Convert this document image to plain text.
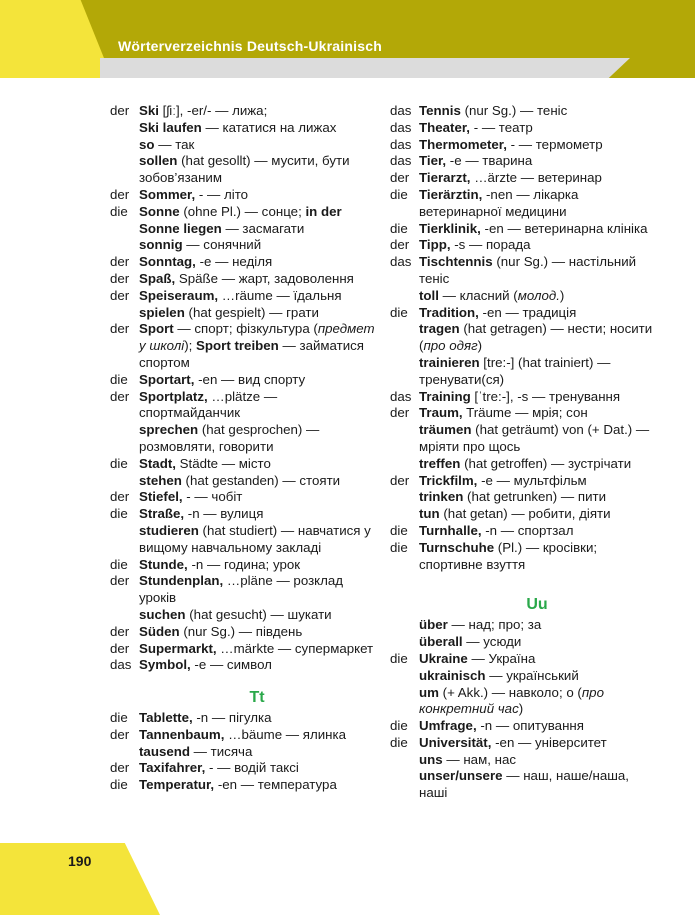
Wörterverzeichnis Deutsch-Ukrainisch
der Ski [ʃiː], -er/- — лижа;
Ski laufen — кататися на лижах
so — так
sollen (hat gesollt) — мусити, бути зобов’язаним
der Sommer, - — літо
die Sonne (ohne Pl.) — сонце; in der Sonne liegen — засмагати
sonnig — сонячний
der Sonntag, -e — неділя
der Spaß, Späße — жарт, задоволення
der Speiseraum, …räume — їдальня
spielen (hat gespielt) — грати
der Sport — спорт; фізкультура (предмет у школі); Sport treiben — займатися спортом
die Sportart, -en — вид спорту
der Sportplatz, …plätze — спортмайданчик
sprechen (hat gesprochen) — розмовляти, говорити
die Stadt, Städte — місто
stehen (hat gestanden) — стояти
der Stiefel, - — чобіт
die Straße, -n — вулиця
studieren (hat studiert) — навчатися у вищому навчальному закладі
die Stunde, -n — година; урок
der Stundenplan, …pläne — розклад уроків
suchen (hat gesucht) — шукати
der Süden (nur Sg.) — південь
der Supermarkt, …märkte — супермаркет
das Symbol, -e — символ
Tt
die Tablette, -n — пігулка
der Tannenbaum, …bäume — ялинка
tausend — тисяча
der Taxifahrer, - — водій таксі
die Temperatur, -en — температура
das Tennis (nur Sg.) — теніс
das Theater, - — театр
das Thermometer, - — термометр
das Tier, -e — тварина
der Tierarzt, …ärzte — ветеринар
die Tierärztin, -nen — лікарка ветеринарної медицини
die Tierklinik, -en — ветеринарна клініка
der Tipp, -s — порада
das Tischtennis (nur Sg.) — настільний теніс
toll — класний (молод.)
die Tradition, -en — традиція
tragen (hat getragen) — нести; носити (про одяг)
trainieren [tre:-] (hat trainiert) — тренувати(ся)
das Training [ˈtre:-], -s — тренування
der Traum, Träume — мрія; сон
träumen (hat geträumt) von (+ Dat.) — мріяти про щось
treffen (hat getroffen) — зустрічати
der Trickfilm, -e — мультфільм
trinken (hat getrunken) — пити
tun (hat getan) — робити, діяти
die Turnhalle, -n — спортзал
die Turnschuhe (Pl.) — кросівки; спортивне взуття
Uu
über — над; про; за
überall — усюди
die Ukraine — Україна
ukrainisch — український
um (+ Akk.) — навколо; о (про конкретний час)
die Umfrage, -n — опитування
die Universität, -en — університет
uns — нам, нас
unser/unsere — наш, наше/наша, наші
190
